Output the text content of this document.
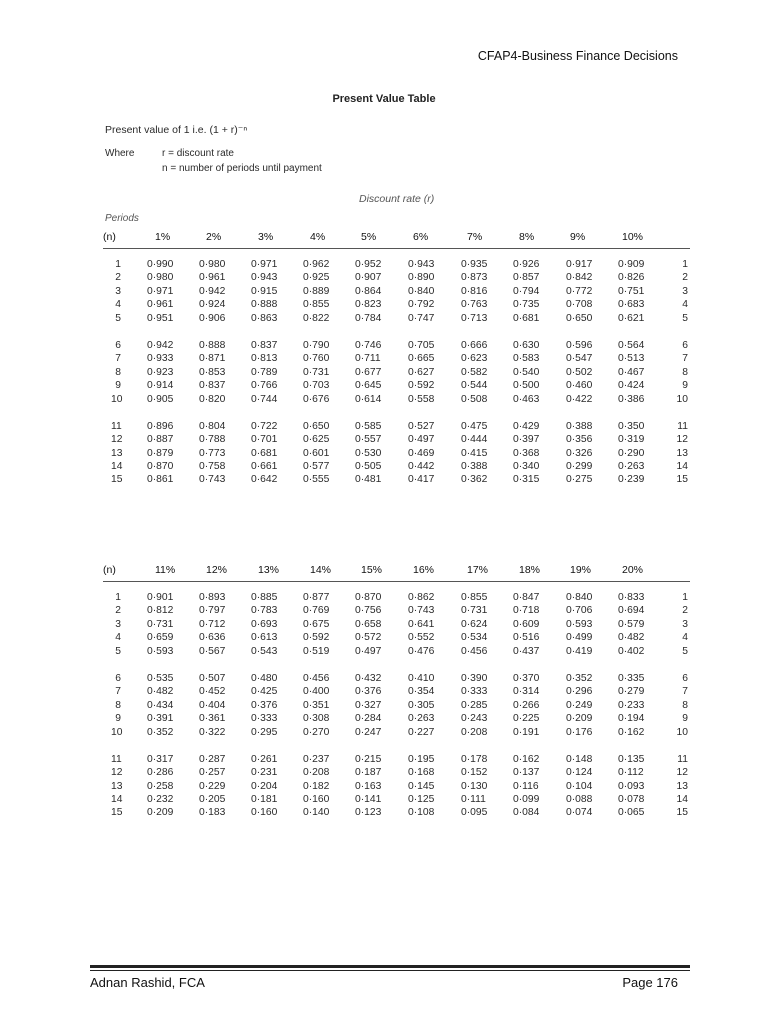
CFAP4-Business Finance Decisions
Present Value Table
Present value of 1 i.e. (1 + r)⁻ⁿ
Where	r = discount rate
n = number of periods until payment
Discount rate (r)
Periods
(n)	1%	2%	3%	4%	5%	6%	7%	8%	9%	10%
1	0·990 0·980 0·971 0·962 0·952	0·943	0·935 0·926	0·917 0·909	1
2	0·980 0·961 0·943 0·925 0·907	0·890	0·873 0·857	0·842 0·826	2
3	0·971 0·942 0·915 0·889 0·864	0·840	0·816 0·794	0·772 0·751	3
4	0·961 0·924 0·888 0·855 0·823	0·792	0·763 0·735	0·708 0·683	4
5	0·951 0·906 0·863 0·822 0·784	0·747	0·713 0·681	0·650 0·621	5
6	0·942 0·888 0·837 0·790 0·746	0·705	0·666 0·630	0·596 0·564	6
7	0·933 0·871 0·813 0·760 0·711	0·665	0·623 0·583	0·547 0·513	7
8	0·923 0·853 0·789 0·731 0·677	0·627	0·582 0·540	0·502 0·467	8
9	0·914 0·837 0·766 0·703 0·645	0·592	0·544 0·500	0·460 0·424	9
10 0·905 0·820 0·744 0·676 0·614	0·558	0·508 0·463	0·422 0·386	10
11 0·896 0·804 0·722 0·650 0·585	0·527	0·475 0·429	0·388 0·350	11
12 0·887 0·788 0·701 0·625 0·557	0·497	0·444 0·397	0·356 0·319	12
13 0·879 0·773 0·681 0·601 0·530	0·469	0·415 0·368	0·326 0·290	13
14 0·870 0·758 0·661 0·577 0·505	0·442	0·388 0·340	0·299 0·263	14
15 0·861 0·743 0·642 0·555 0·481	0·417	0·362 0·315	0·275 0·239	15
(n)	11%	12%	13%	14%	15%	16%	17%	18%	19%	20%
1	0·901 0·893 0·885 0·877 0·870	0·862	0·855 0·847	0·840 0·833	1
2	0·812 0·797 0·783 0·769 0·756	0·743	0·731 0·718	0·706 0·694	2
3	0·731 0·712 0·693 0·675 0·658	0·641	0·624 0·609	0·593 0·579	3
4	0·659 0·636 0·613 0·592 0·572	0·552	0·534 0·516	0·499 0·482	4
5	0·593 0·567 0·543 0·519 0·497	0·476	0·456 0·437	0·419 0·402	5
6	0·535 0·507 0·480 0·456 0·432	0·410	0·390 0·370	0·352 0·335	6
7	0·482 0·452 0·425 0·400 0·376	0·354	0·333 0·314	0·296 0·279	7
8	0·434 0·404 0·376 0·351 0·327	0·305	0·285 0·266	0·249 0·233	8
9	0·391 0·361 0·333 0·308 0·284	0·263	0·243 0·225	0·209 0·194	9
10 0·352 0·322 0·295 0·270 0·247	0·227	0·208 0·191	0·176 0·162	10
11 0·317 0·287 0·261 0·237 0·215	0·195	0·178 0·162	0·148 0·135	11
12 0·286 0·257 0·231 0·208 0·187	0·168	0·152 0·137	0·124 0·112	12
13 0·258 0·229 0·204 0·182 0·163	0·145	0·130 0·116	0·104 0·093	13
14 0·232 0·205 0·181 0·160 0·141	0·125	0·111	0·099	0·088 0·078	14
15 0·209 0·183 0·160 0·140 0·123	0·108	0·095 0·084	0·074 0·065	15
Adnan Rashid, FCA	Page 176
